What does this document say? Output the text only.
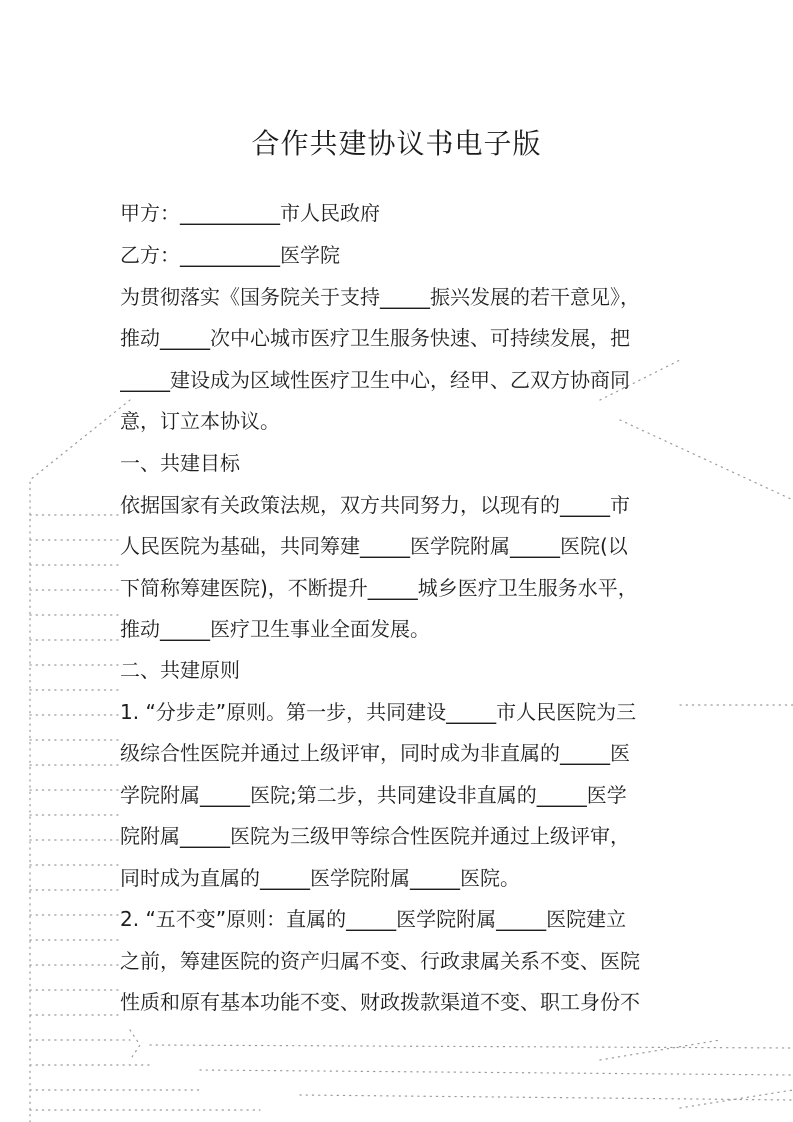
合作共建协议书电子版
甲方：__________市人民政府
乙方：__________医学院
为贯彻落实《国务院关于支持_____振兴发展的若干意见》，
推动_____次中心城市医疗卫生服务快速、可持续发展，把
_____建设成为区域性医疗卫生中心，经甲、乙双方协商同
意，订立本协议。
一、共建目标
依据国家有关政策法规，双方共同努力，以现有的_____市
人民医院为基础，共同筹建_____医学院附属_____医院(以
下简称筹建医院)，不断提升_____城乡医疗卫生服务水平，
推动_____医疗卫生事业全面发展。
二、共建原则
1. “分步走”原则。第一步，共同建设_____市人民医院为三
级综合性医院并通过上级评审，同时成为非直属的_____医
学院附属_____医院;第二步，共同建设非直属的_____医学
院附属_____医院为三级甲等综合性医院并通过上级评审，
同时成为直属的_____医学院附属_____医院。
2. “五不变”原则：直属的_____医学院附属_____医院建立
之前，筹建医院的资产归属不变、行政隶属关系不变、医院
性质和原有基本功能不变、财政拨款渠道不变、职工身份不
